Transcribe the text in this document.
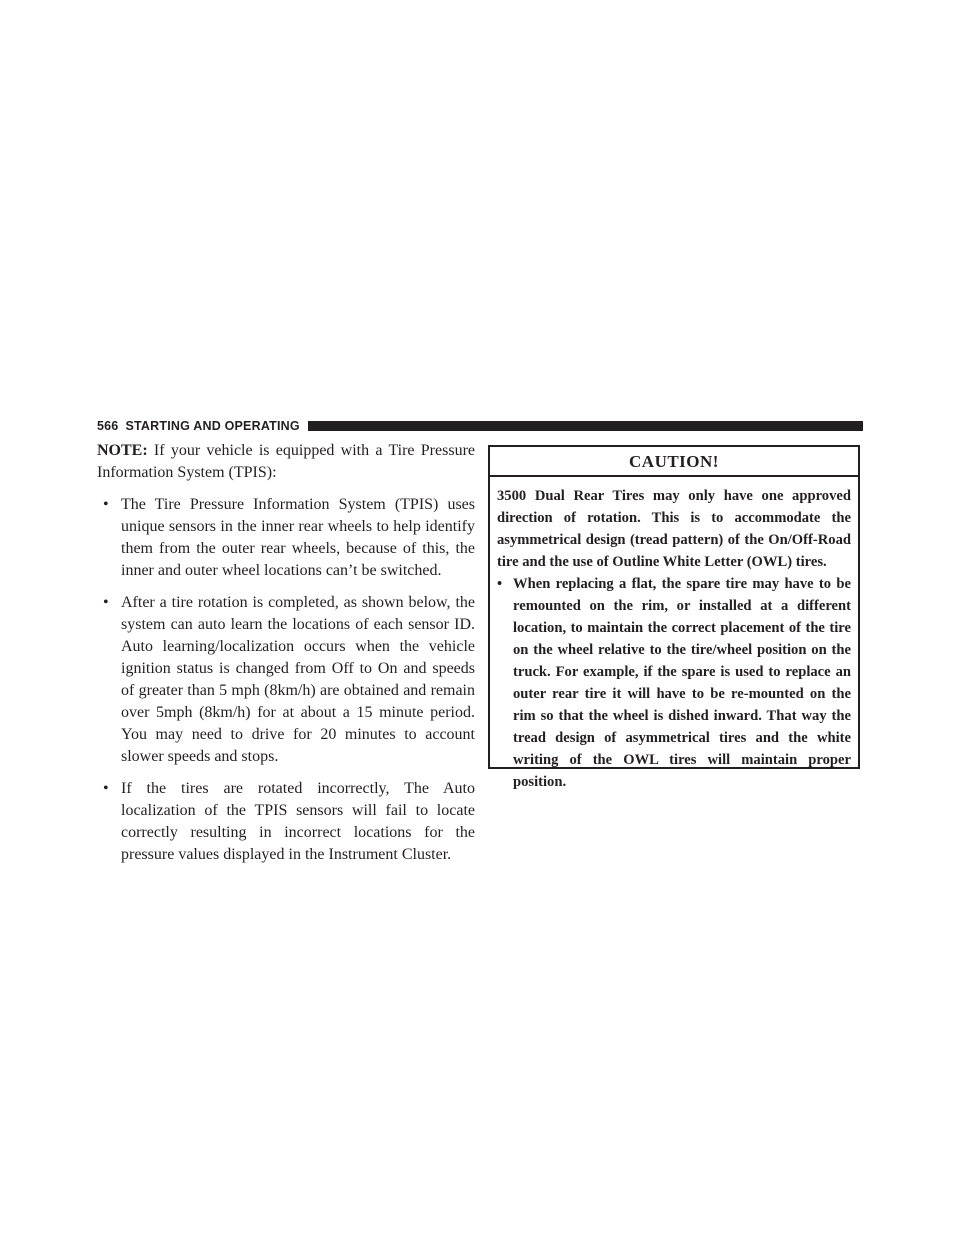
566 STARTING AND OPERATING

NOTE: If your vehicle is equipped with a Tire Pressure Information System (TPIS):

• The Tire Pressure Information System (TPIS) uses unique sensors in the inner rear wheels to help identify them from the outer rear wheels, because of this, the inner and outer wheel locations can’t be switched.
• After a tire rotation is completed, as shown below, the system can auto learn the locations of each sensor ID. Auto learning/localization occurs when the vehicle ignition status is changed from Off to On and speeds of greater than 5 mph (8km/h) are obtained and remain over 5mph (8km/h) for at about a 15 minute period. You may need to drive for 20 minutes to account slower speeds and stops.
• If the tires are rotated incorrectly, The Auto localization of the TPIS sensors will fail to locate correctly resulting in incorrect locations for the pressure values displayed in the Instrument Cluster.
CAUTION!

3500 Dual Rear Tires may only have one approved direction of rotation. This is to accommodate the asymmetrical design (tread pattern) of the On/Off-Road tire and the use of Outline White Letter (OWL) tires.

• When replacing a flat, the spare tire may have to be remounted on the rim, or installed at a different location, to maintain the correct placement of the tire on the wheel relative to the tire/wheel position on the truck. For example, if the spare is used to replace an outer rear tire it will have to be re-mounted on the rim so that the wheel is dished inward. That way the tread design of asymmetrical tires and the white writing of the OWL tires will maintain proper position.
